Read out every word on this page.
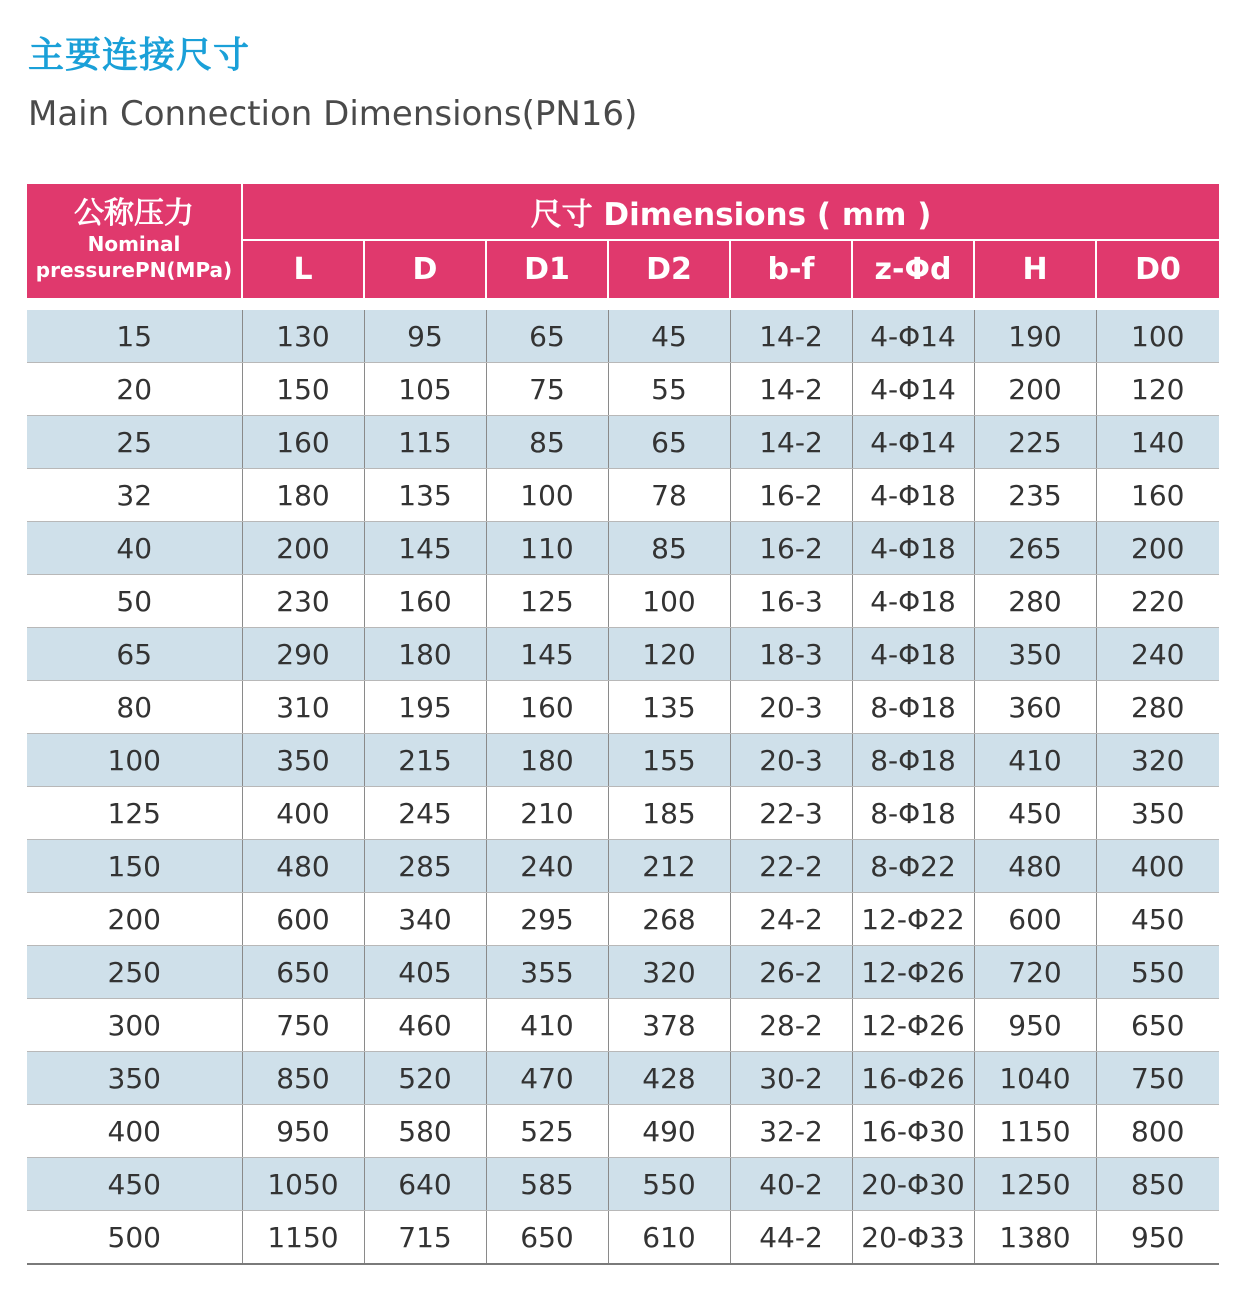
主要连接尺寸
Main Connection Dimensions(PN16)
公称压力
Nominal
pressurePN(MPa)	尺寸 Dimensions ( mm )							
	L	D	D1	D2	b-f	z-Φd	H	D0

15	130	95	65	45	14-2	4-Φ14	190	100
20	150	105	75	55	14-2	4-Φ14	200	120
25	160	115	85	65	14-2	4-Φ14	225	140
32	180	135	100	78	16-2	4-Φ18	235	160
40	200	145	110	85	16-2	4-Φ18	265	200
50	230	160	125	100	16-3	4-Φ18	280	220
65	290	180	145	120	18-3	4-Φ18	350	240
80	310	195	160	135	20-3	8-Φ18	360	280
100	350	215	180	155	20-3	8-Φ18	410	320
125	400	245	210	185	22-3	8-Φ18	450	350
150	480	285	240	212	22-2	8-Φ22	480	400
200	600	340	295	268	24-2	12-Φ22	600	450
250	650	405	355	320	26-2	12-Φ26	720	550
300	750	460	410	378	28-2	12-Φ26	950	650
350	850	520	470	428	30-2	16-Φ26	1040	750
400	950	580	525	490	32-2	16-Φ30	1150	800
450	1050	640	585	550	40-2	20-Φ30	1250	850
500	1150	715	650	610	44-2	20-Φ33	1380	950
